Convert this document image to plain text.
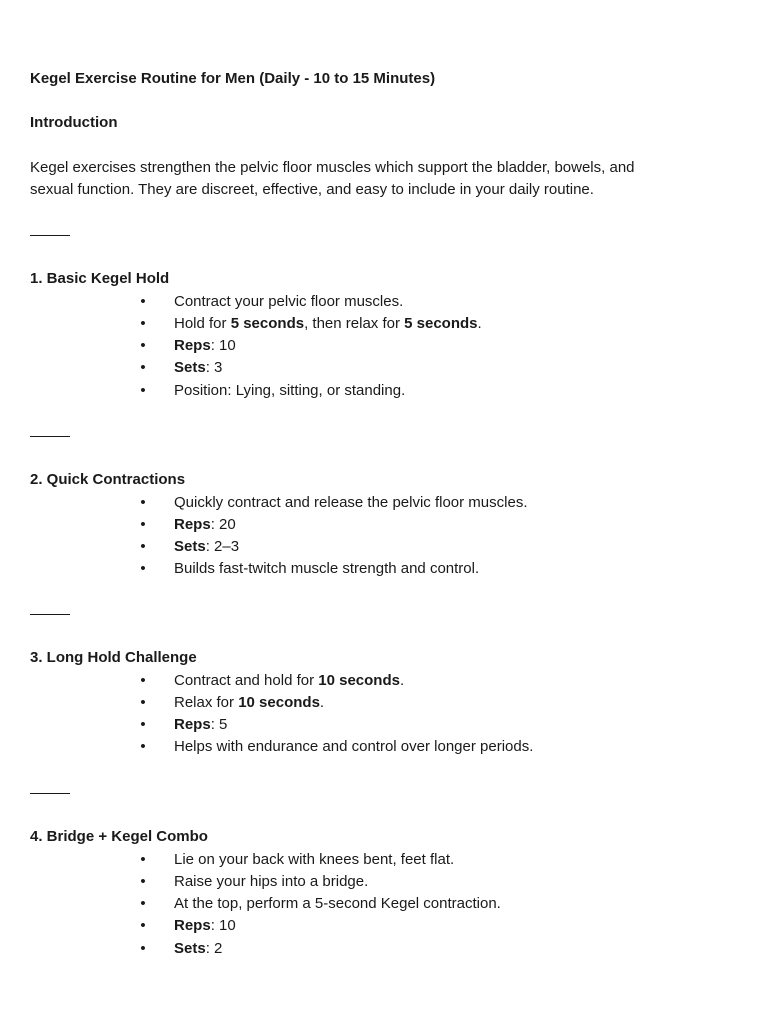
Kegel Exercise Routine for Men (Daily - 10 to 15 Minutes)
Introduction
Kegel exercises strengthen the pelvic floor muscles which support the bladder, bowels, and
sexual function. They are discreet, effective, and easy to include in your daily routine.
1. Basic Kegel Hold
• Contract your pelvic floor muscles.
• Hold for 5 seconds, then relax for 5 seconds.
• Reps: 10
• Sets: 3
• Position: Lying, sitting, or standing.
2. Quick Contractions
• Quickly contract and release the pelvic floor muscles.
• Reps: 20
• Sets: 2–3
• Builds fast-twitch muscle strength and control.
3. Long Hold Challenge
• Contract and hold for 10 seconds.
• Relax for 10 seconds.
• Reps: 5
• Helps with endurance and control over longer periods.
4. Bridge + Kegel Combo
• Lie on your back with knees bent, feet flat.
• Raise your hips into a bridge.
• At the top, perform a 5-second Kegel contraction.
• Reps: 10
• Sets: 2
